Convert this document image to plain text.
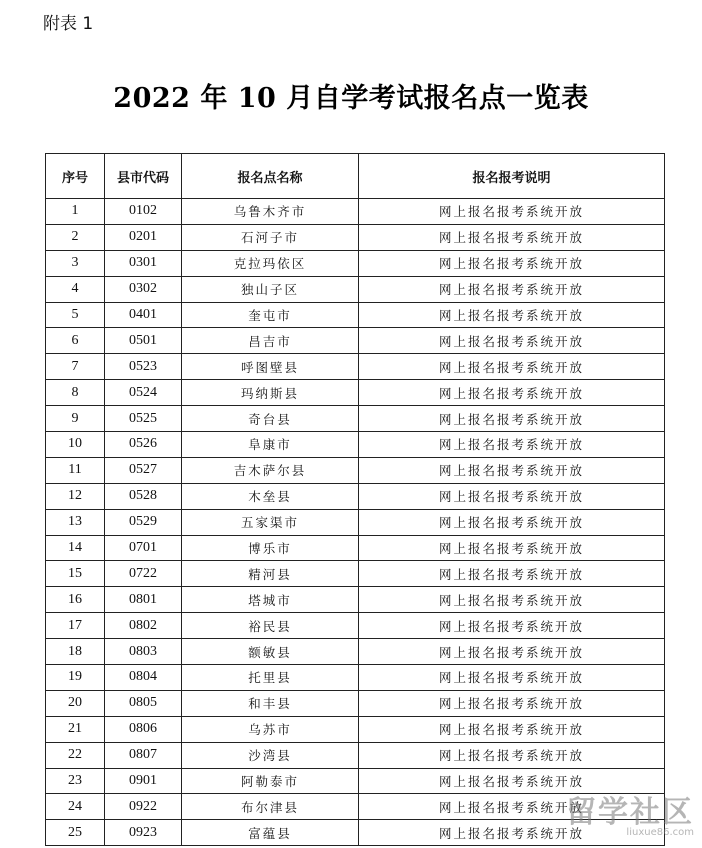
附表 1
2022 年 10 月自学考试报名点一览表
序号	县市代码	报名点名称	报名报考说明
1	0102	乌鲁木齐市	网上报名报考系统开放
2	0201	石河子市	网上报名报考系统开放
3	0301	克拉玛依区	网上报名报考系统开放
4	0302	独山子区	网上报名报考系统开放
5	0401	奎屯市	网上报名报考系统开放
6	0501	昌吉市	网上报名报考系统开放
7	0523	呼图壁县	网上报名报考系统开放
8	0524	玛纳斯县	网上报名报考系统开放
9	0525	奇台县	网上报名报考系统开放
10	0526	阜康市	网上报名报考系统开放
11	0527	吉木萨尔县	网上报名报考系统开放
12	0528	木垒县	网上报名报考系统开放
13	0529	五家渠市	网上报名报考系统开放
14	0701	博乐市	网上报名报考系统开放
15	0722	精河县	网上报名报考系统开放
16	0801	塔城市	网上报名报考系统开放
17	0802	裕民县	网上报名报考系统开放
18	0803	额敏县	网上报名报考系统开放
19	0804	托里县	网上报名报考系统开放
20	0805	和丰县	网上报名报考系统开放
21	0806	乌苏市	网上报名报考系统开放
22	0807	沙湾县	网上报名报考系统开放
23	0901	阿勒泰市	网上报名报考系统开放
24	0922	布尔津县	网上报名报考系统开放
25	0923	富蕴县	网上报名报考系统开放
留学社区
liuxue86.com
